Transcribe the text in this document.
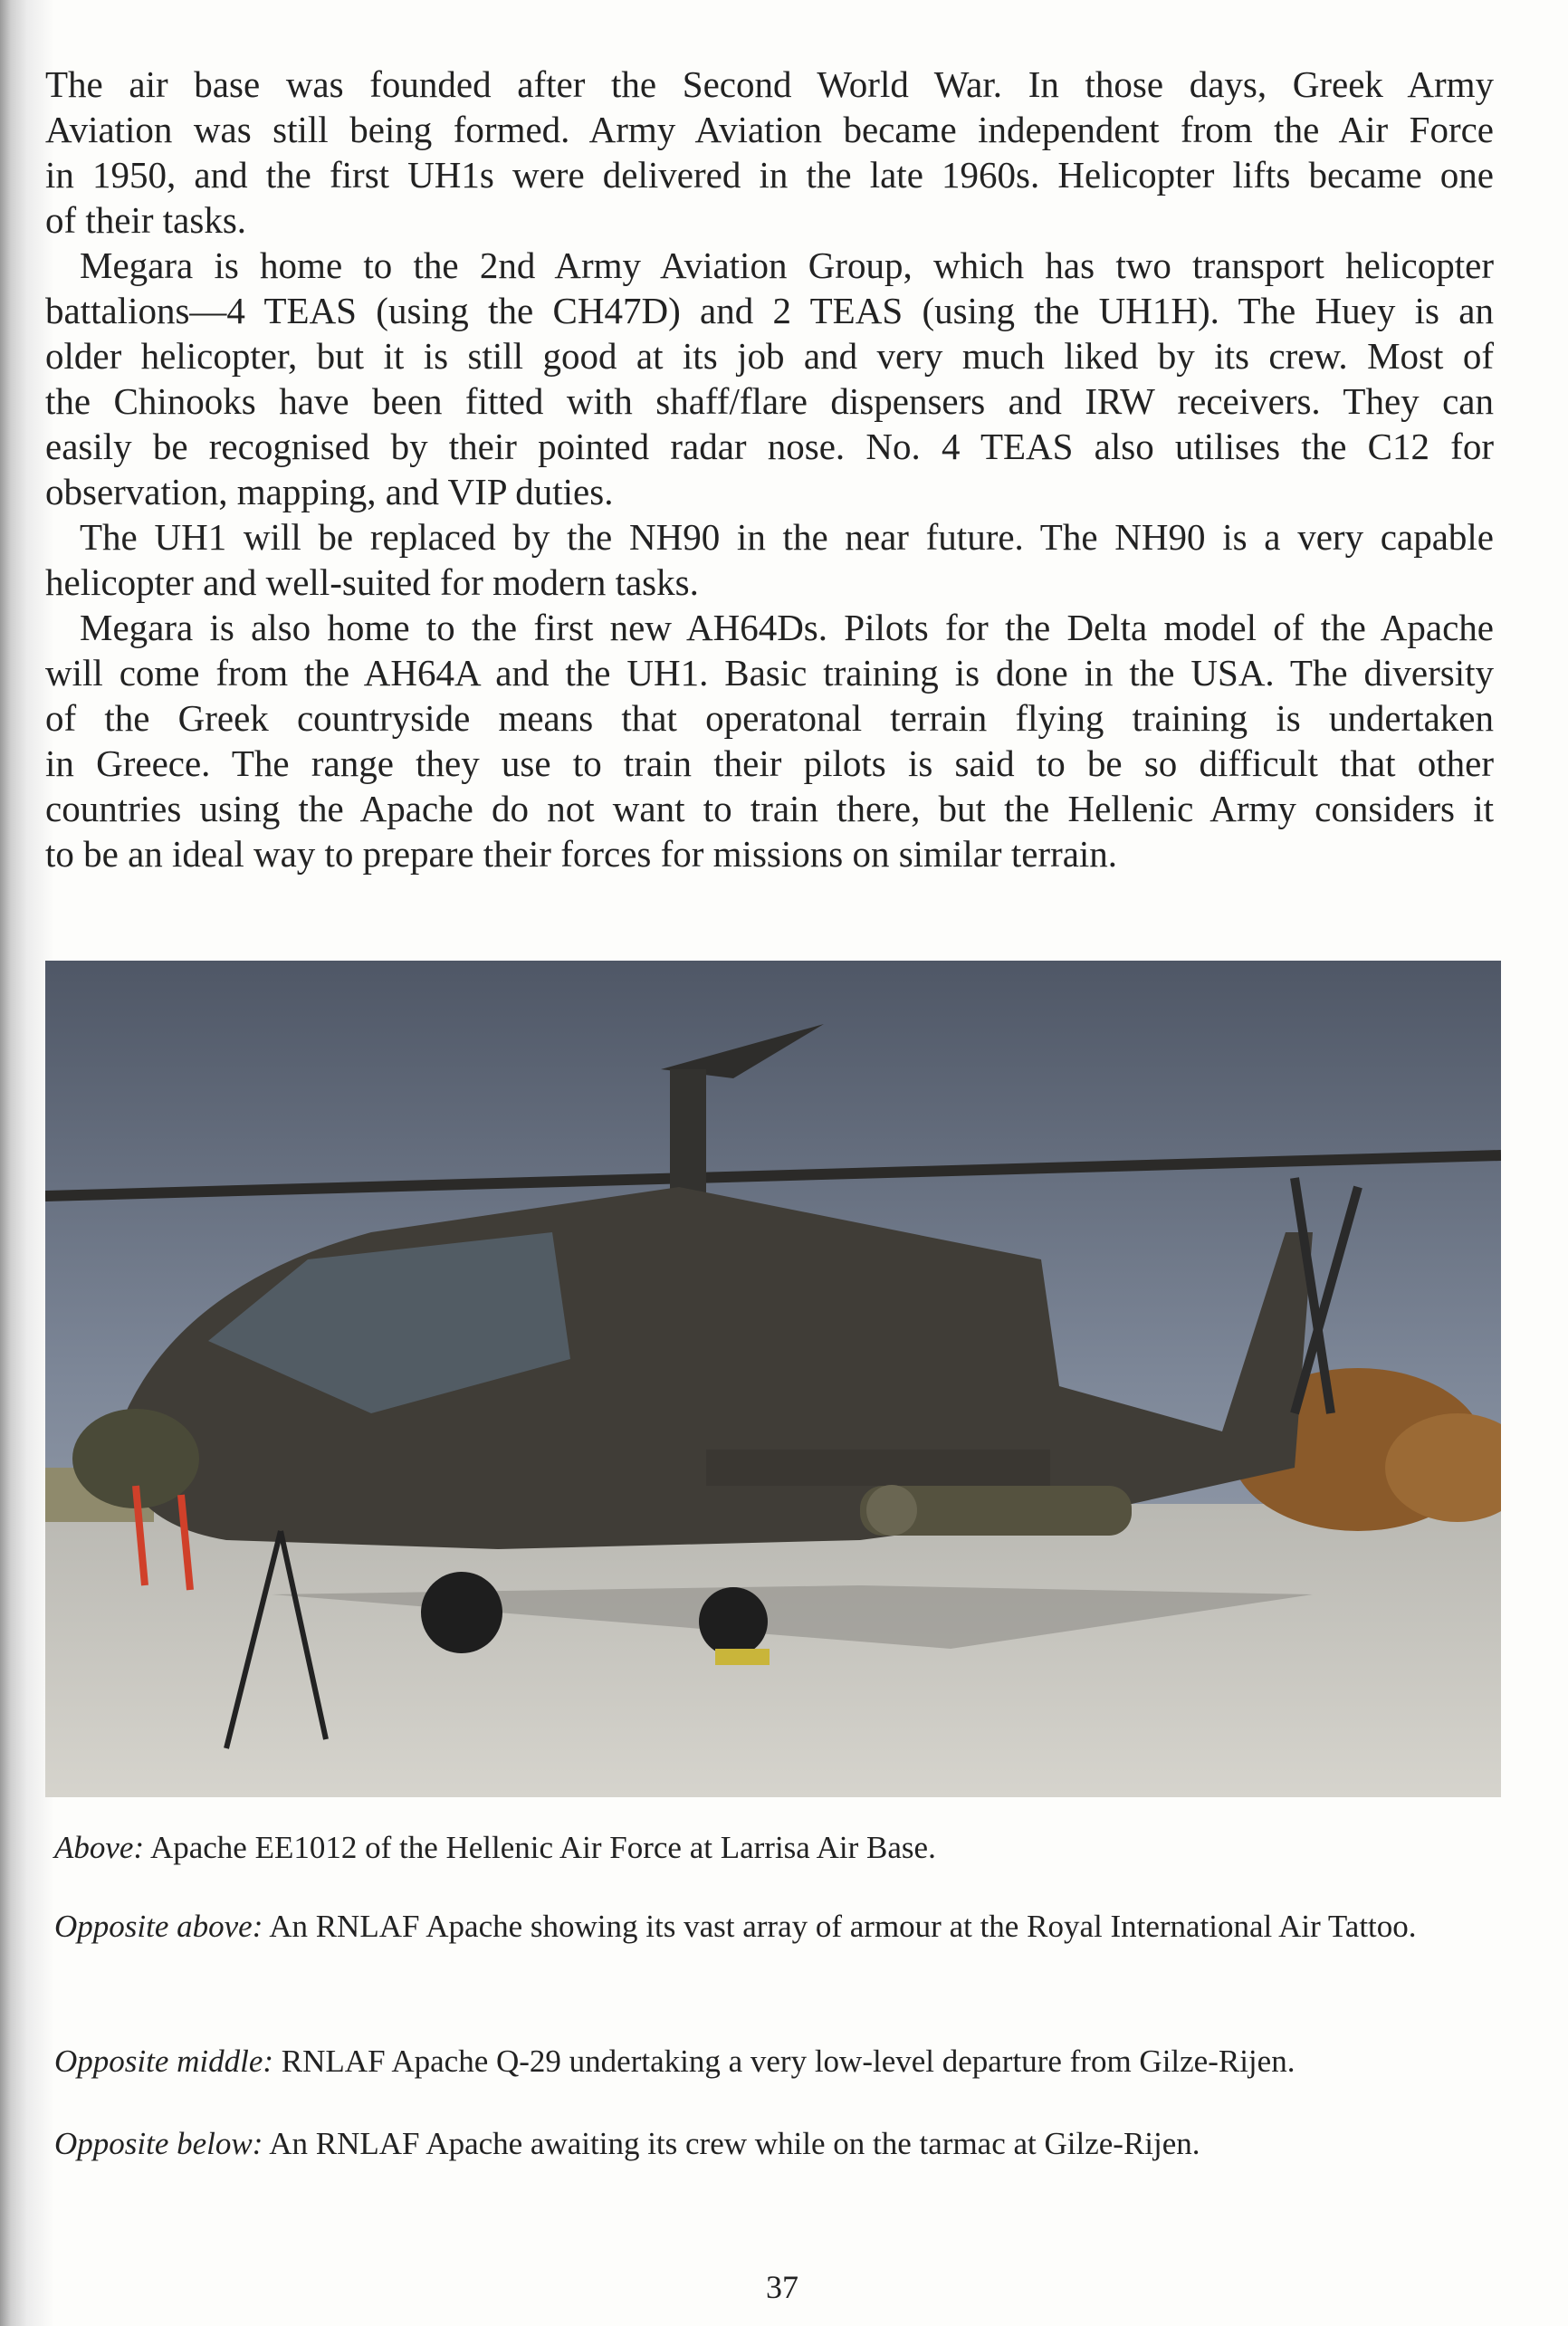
The air base was founded after the Second World War. In those days, Greek Army
Aviation was still being formed. Army Aviation became independent from the Air Force
in 1950, and the first UH1s were delivered in the late 1960s. Helicopter lifts became one
of their tasks.
Megara is home to the 2nd Army Aviation Group, which has two transport helicopter
battalions—4 TEAS (using the CH47D) and 2 TEAS (using the UH1H). The Huey is an
older helicopter, but it is still good at its job and very much liked by its crew. Most of
the Chinooks have been fitted with shaff/flare dispensers and IRW receivers. They can
easily be recognised by their pointed radar nose. No. 4 TEAS also utilises the C12 for
observation, mapping, and VIP duties.
The UH1 will be replaced by the NH90 in the near future. The NH90 is a very capable
helicopter and well-suited for modern tasks.
Megara is also home to the first new AH64Ds. Pilots for the Delta model of the Apache
will come from the AH64A and the UH1. Basic training is done in the USA. The diversity
of the Greek countryside means that operatonal terrain flying training is undertaken
in Greece. The range they use to train their pilots is said to be so difficult that other
countries using the Apache do not want to train there, but the Hellenic Army considers it
to be an ideal way to prepare their forces for missions on similar terrain.
Above: Apache EE1012 of the Hellenic Air Force at Larrisa Air Base.
Opposite above: An RNLAF Apache showing its vast array of armour at the Royal International Air Tattoo.
Opposite middle: RNLAF Apache Q-29 undertaking a very low-level departure from Gilze-Rijen.
Opposite below: An RNLAF Apache awaiting its crew while on the tarmac at Gilze-Rijen.
37
